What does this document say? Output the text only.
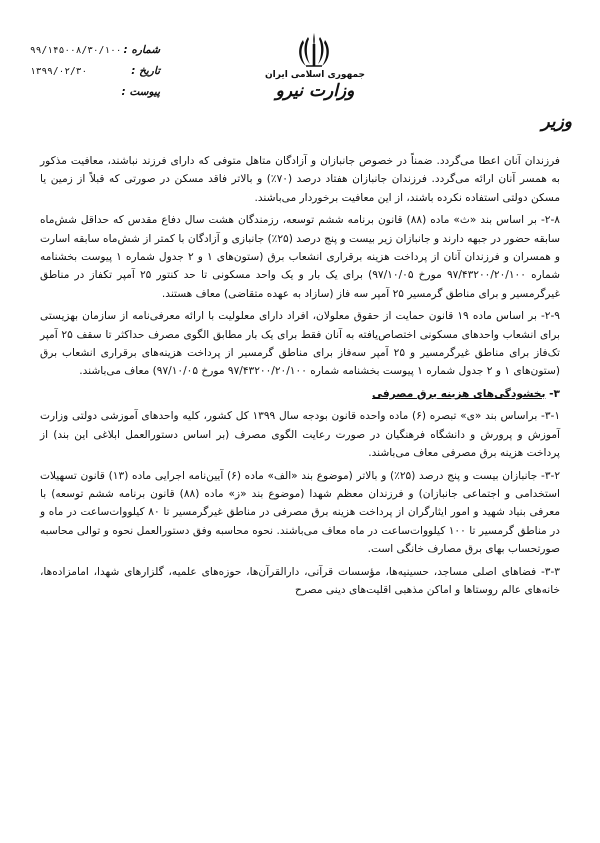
شماره :
۹۹/۱۴۵۰۰۸/۳۰/۱۰۰
تاریخ :
۱۳۹۹/۰۲/۳۰
پیوست :
جمهوری اسلامی ایران
وزارت نیرو
وزیر

فرزندان آنان اعطا می‌گردد. ضمناً در خصوص جانبازان و آزادگان متاهل متوفی که دارای فرزند نباشند، معافیت مذکور به همسر آنان ارائه می‌گردد. فرزندان جانبازان هفتاد درصد (۷۰٪) و بالاتر فاقد مسکن در صورتی که قبلاً از زمین یا مسکن دولتی استفاده نکرده باشند، از این معافیت برخوردار می‌باشند.

۲-۸- بر اساس بند «ث» ماده (۸۸) قانون برنامه ششم توسعه، رزمندگان هشت سال دفاع مقدس که حداقل شش‌ماه سابقه حضور در جبهه دارند و جانبازان زیر بیست و پنج درصد (۲۵٪) جانبازی و آزادگان با کمتر از شش‌ماه سابقه اسارت و همسران و فرزندان آنان از پرداخت هزینه برقراری انشعاب برق (ستون‌های ۱ و ۲ جدول شماره ۱ پیوست بخشنامه شماره ۹۷/۴۳۲۰۰/۲۰/۱۰۰ مورخ ۹۷/۱۰/۰۵) برای یک بار و یک واحد مسکونی تا حد کنتور ۲۵ آمپر تکفاز در مناطق غیرگرمسیر و برای مناطق گرمسیر ۲۵ آمپر سه فاز (سازاد به عهده متقاضی) معاف هستند.

۲-۹- بر اساس ماده ۱۹ قانون حمایت از حقوق معلولان، افراد دارای معلولیت با ارائه معرفی‌نامه از سازمان بهزیستی برای انشعاب واحدهای مسکونی اختصاص‌یافته به آنان فقط برای یک بار مطابق الگوی مصرف حداکثر تا سقف ۲۵ آمپر تک‌فاز برای مناطق غیرگرمسیر و ۲۵ آمپر سه‌فاز برای مناطق گرمسیر از پرداخت هزینه‌های برقراری انشعاب برق (ستون‌های ۱ و ۲ جدول شماره ۱ پیوست بخشنامه شماره ۹۷/۴۳۲۰۰/۲۰/۱۰۰ مورخ ۹۷/۱۰/۰۵) معاف می‌باشند.

۳- بخشودگی‌های هزینه برق مصرفی

۳-۱- براساس بند «ی» تبصره (۶) ماده واحده قانون بودجه سال ۱۳۹۹ کل کشور، کلیه واحدهای آموزشی دولتی وزارت آموزش و پرورش و دانشگاه فرهنگیان در صورت رعایت الگوی مصرف (بر اساس دستورالعمل ابلاغی این بند) از پرداخت هزینه برق مصرفی معاف می‌باشند.

۳-۲- جانبازان بیست و پنج درصد (۲۵٪) و بالاتر (موضوع بند «الف» ماده (۶) آیین‌نامه اجرایی ماده (۱۳) قانون تسهیلات استخدامی و اجتماعی جانبازان) و فرزندان معظم شهدا (موضوع بند «ز» ماده (۸۸) قانون برنامه ششم توسعه) با معرفی بنیاد شهید و امور ایثارگران از پرداخت هزینه برق مصرفی در مناطق غیرگرمسیر تا ۸۰ کیلووات‌ساعت در ماه و در مناطق گرمسیر تا ۱۰۰ کیلووات‌ساعت در ماه معاف می‌باشند. نحوه محاسبه وفق دستورالعمل نحوه و توالی محاسبه صورتحساب بهای برق مصارف خانگی است.

۳-۳- فضاهای اصلی مساجد، حسینیه‌ها، مؤسسات قرآنی، دارالقرآن‌ها، حوزه‌های علمیه، گلزارهای شهدا، امامزاده‌ها، خانه‌های عالم روستاها و اماکن مذهبی اقلیت‌های دینی مصرح
